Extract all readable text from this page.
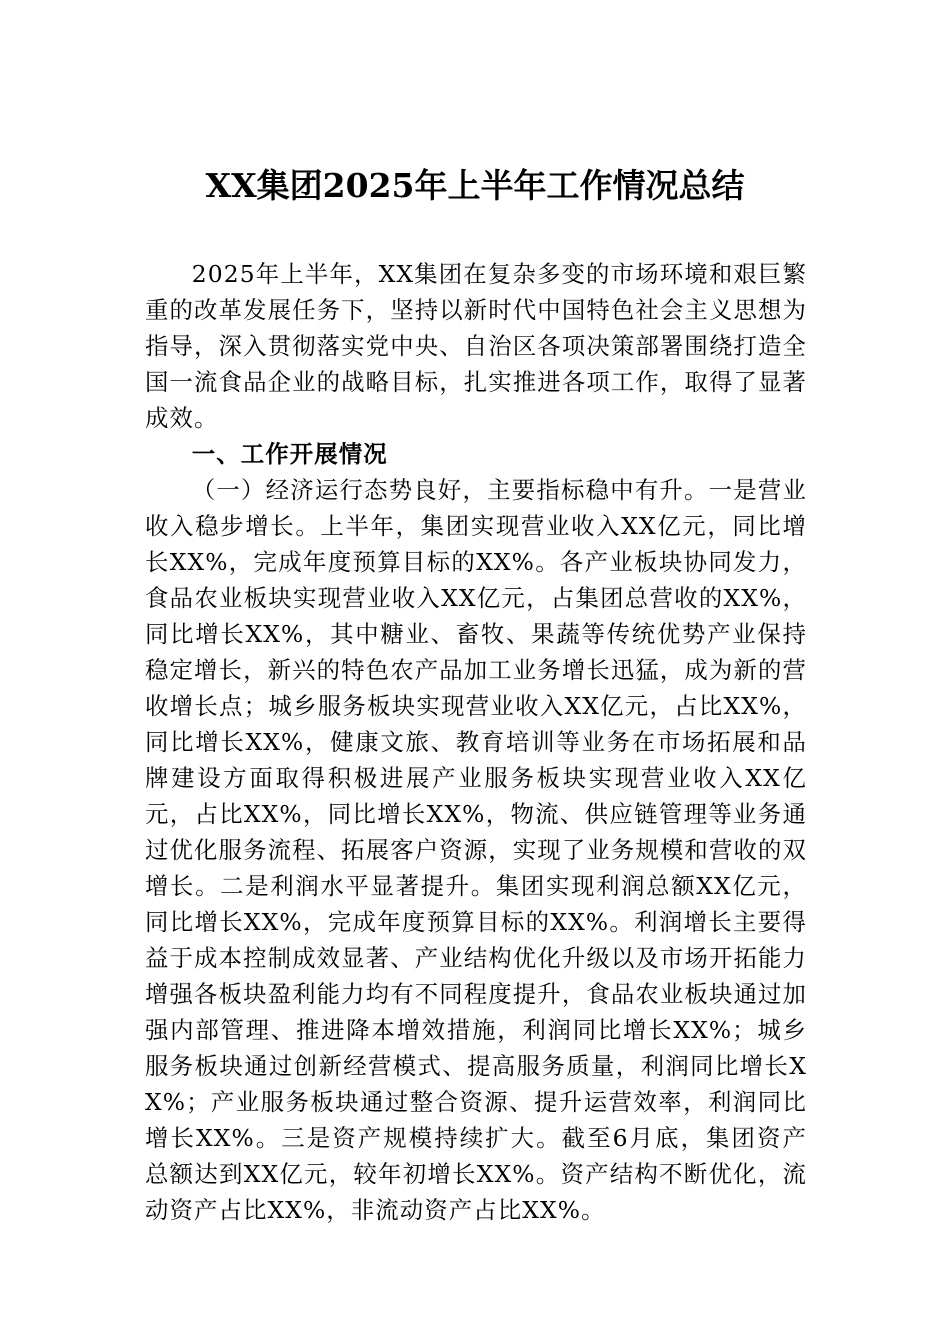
XX集团2025年上半年工作情况总结

2025年上半年，XX集团在复杂多变的市场环境和艰巨繁重的改革发展任务下，坚持以新时代中国特色社会主义思想为指导，深入贯彻落实党中央、自治区各项决策部署围绕打造全国一流食品企业的战略目标，扎实推进各项工作，取得了显著成效。

一、工作开展情况

（一）经济运行态势良好，主要指标稳中有升。一是营业收入稳步增长。上半年，集团实现营业收入XX亿元，同比增长XX%，完成年度预算目标的XX%。各产业板块协同发力，食品农业板块实现营业收入XX亿元，占集团总营收的XX%，同比增长XX%，其中糖业、畜牧、果蔬等传统优势产业保持稳定增长，新兴的特色农产品加工业务增长迅猛，成为新的营收增长点；城乡服务板块实现营业收入XX亿元，占比XX%，同比增长XX%，健康文旅、教育培训等业务在市场拓展和品牌建设方面取得积极进展产业服务板块实现营业收入XX亿元，占比XX%，同比增长XX%，物流、供应链管理等业务通过优化服务流程、拓展客户资源，实现了业务规模和营收的双增长。二是利润水平显著提升。集团实现利润总额XX亿元，同比增长XX%，完成年度预算目标的XX%。利润增长主要得益于成本控制成效显著、产业结构优化升级以及市场开拓能力增强各板块盈利能力均有不同程度提升，食品农业板块通过加强内部管理、推进降本增效措施，利润同比增长XX%；城乡服务板块通过创新经营模式、提高服务质量，利润同比增长XX%；产业服务板块通过整合资源、提升运营效率，利润同比增长XX%。三是资产规模持续扩大。截至6月底，集团资产总额达到XX亿元，较年初增长XX%。资产结构不断优化，流动资产占比XX%，非流动资产占比XX%。
